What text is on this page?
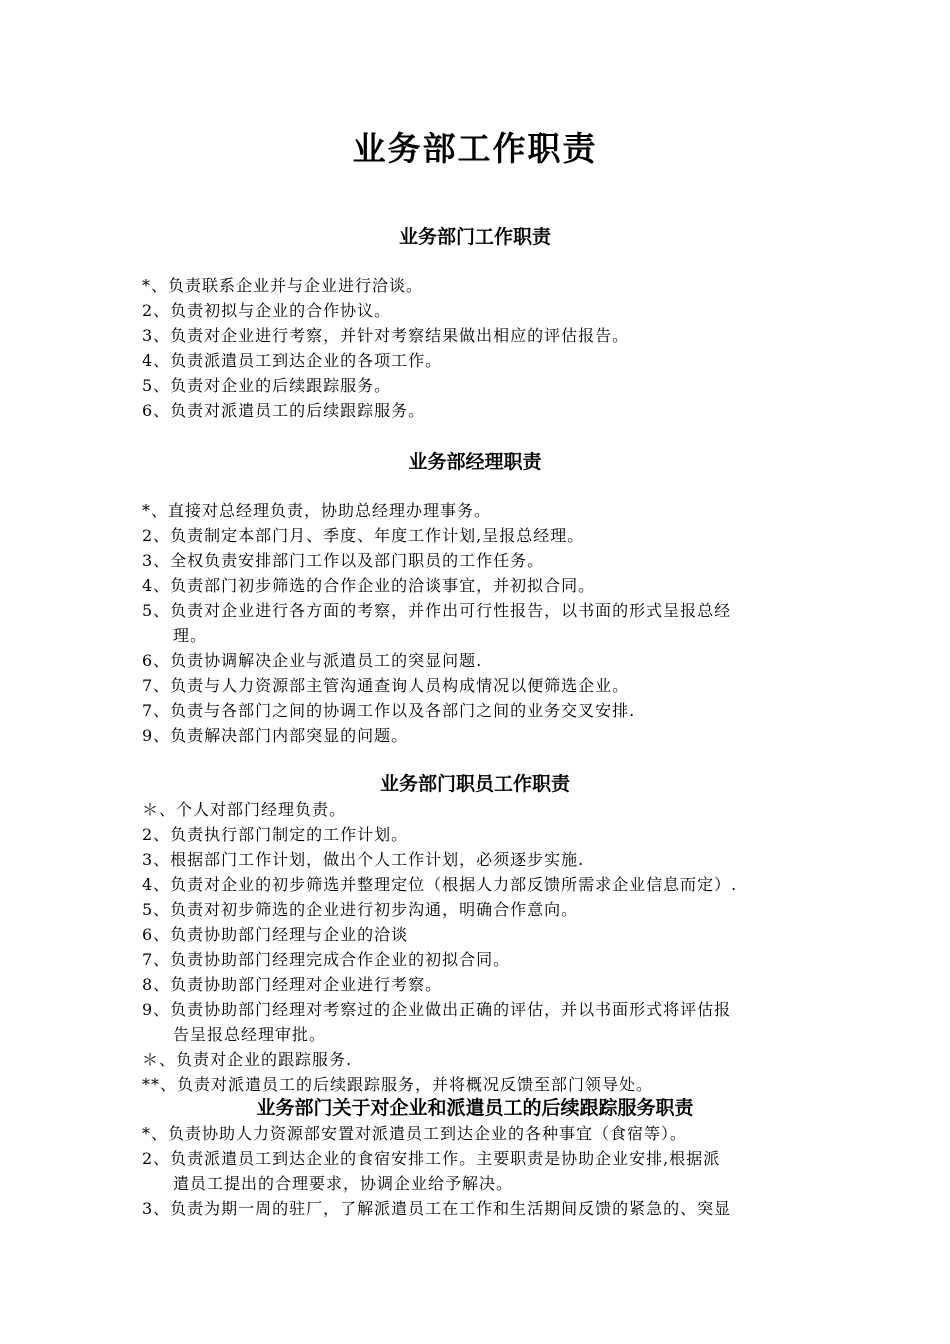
业务部工作职责
业务部门工作职责
*、负责联系企业并与企业进行洽谈。
2、负责初拟与企业的合作协议。
3、负责对企业进行考察，并针对考察结果做出相应的评估报告。
4、负责派遣员工到达企业的各项工作。
5、负责对企业的后续跟踪服务。
6、负责对派遣员工的后续跟踪服务。
业务部经理职责
*、直接对总经理负责，协助总经理办理事务。
2、负责制定本部门月、季度、年度工作计划,呈报总经理。
3、全权负责安排部门工作以及部门职员的工作任务。
4、负责部门初步筛选的合作企业的洽谈事宜，并初拟合同。
5、负责对企业进行各方面的考察，并作出可行性报告，以书面的形式呈报总经
理。
6、负责协调解决企业与派遣员工的突显问题.
7、负责与人力资源部主管沟通查询人员构成情况以便筛选企业。
7、负责与各部门之间的协调工作以及各部门之间的业务交叉安排.
9、负责解决部门内部突显的问题。
业务部门职员工作职责
＊、个人对部门经理负责。
2、负责执行部门制定的工作计划。
3、根据部门工作计划，做出个人工作计划，必须逐步实施.
4、负责对企业的初步筛选并整理定位（根据人力部反馈所需求企业信息而定）.
5、负责对初步筛选的企业进行初步沟通，明确合作意向。
6、负责协助部门经理与企业的洽谈
7、负责协助部门经理完成合作企业的初拟合同。
8、负责协助部门经理对企业进行考察。
9、负责协助部门经理对考察过的企业做出正确的评估，并以书面形式将评估报
告呈报总经理审批。
＊、负责对企业的跟踪服务.
**、负责对派遣员工的后续跟踪服务，并将概况反馈至部门领导处。
业务部门关于对企业和派遣员工的后续跟踪服务职责
*、负责协助人力资源部安置对派遣员工到达企业的各种事宜（食宿等）。
2、负责派遣员工到达企业的食宿安排工作。主要职责是协助企业安排,根据派
遣员工提出的合理要求，协调企业给予解决。
3、负责为期一周的驻厂，了解派遣员工在工作和生活期间反馈的紧急的、突显
